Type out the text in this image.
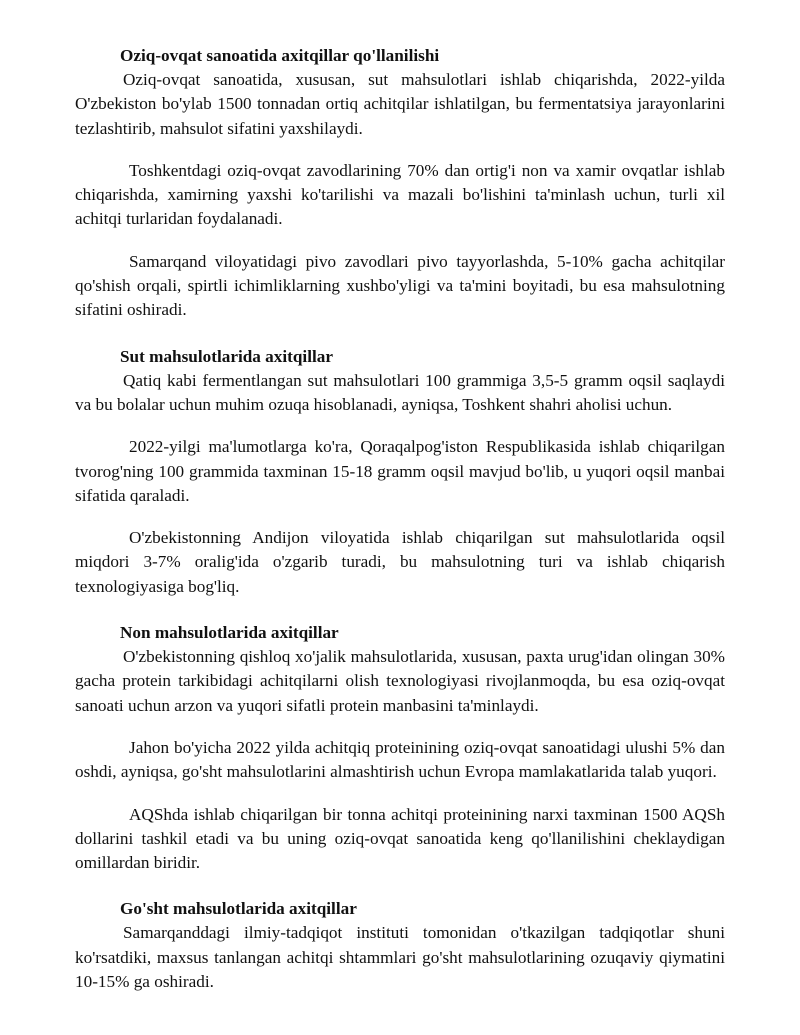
Oziq-ovqat sanoatida axitqillar qo'llanilishi

Oziq-ovqat sanoatida, xususan, sut mahsulotlari ishlab chiqarishda, 2022-yilda O'zbekiston bo'ylab 1500 tonnadan ortiq achitqilar ishlatilgan, bu fermentatsiya jarayonlarini tezlashtirib, mahsulot sifatini yaxshilaydi.

Toshkentdagi oziq-ovqat zavodlarining 70% dan ortig'i non va xamir ovqatlar ishlab chiqarishda, xamirning yaxshi ko'tarilishi va mazali bo'lishini ta'minlash uchun, turli xil achitqi turlaridan foydalanadi.

Samarqand viloyatidagi pivo zavodlari pivo tayyorlashda, 5-10% gacha achitqilar qo'shish orqali, spirtli ichimliklarning xushbo'yligi va ta'mini boyitadi, bu esa mahsulotning sifatini oshiradi.

Sut mahsulotlarida axitqillar

Qatiq kabi fermentlangan sut mahsulotlari 100 grammiga 3,5-5 gramm oqsil saqlaydi va bu bolalar uchun muhim ozuqa hisoblanadi, ayniqsa, Toshkent shahri aholisi uchun.

2022-yilgi ma'lumotlarga ko'ra, Qoraqalpog'iston Respublikasida ishlab chiqarilgan tvorog'ning 100 grammida taxminan 15-18 gramm oqsil mavjud bo'lib, u yuqori oqsil manbai sifatida qaraladi.

O'zbekistonning Andijon viloyatida ishlab chiqarilgan sut mahsulotlarida oqsil miqdori 3-7% oralig'ida o'zgarib turadi, bu mahsulotning turi va ishlab chiqarish texnologiyasiga bog'liq.

Non mahsulotlarida axitqillar

O'zbekistonning qishloq xo'jalik mahsulotlarida, xususan, paxta urug'idan olingan 30% gacha protein tarkibidagi achitqilarni olish texnologiyasi rivojlanmoqda, bu esa oziq-ovqat sanoati uchun arzon va yuqori sifatli protein manbasini ta'minlaydi.

Jahon bo'yicha 2022 yilda achitqiq proteinining oziq-ovqat sanoatidagi ulushi 5% dan oshdi, ayniqsa, go'sht mahsulotlarini almashtirish uchun Evropa mamlakatlarida talab yuqori.

AQShda ishlab chiqarilgan bir tonna achitqi proteinining narxi taxminan 1500 AQSh dollarini tashkil etadi va bu uning oziq-ovqat sanoatida keng qo'llanilishini cheklaydigan omillardan biridir.

Go'sht mahsulotlarida axitqillar

Samarqanddagi ilmiy-tadqiqot instituti tomonidan o'tkazilgan tadqiqotlar shuni ko'rsatdiki, maxsus tanlangan achitqi shtammlari go'sht mahsulotlarining ozuqaviy qiymatini 10-15% ga oshiradi.
